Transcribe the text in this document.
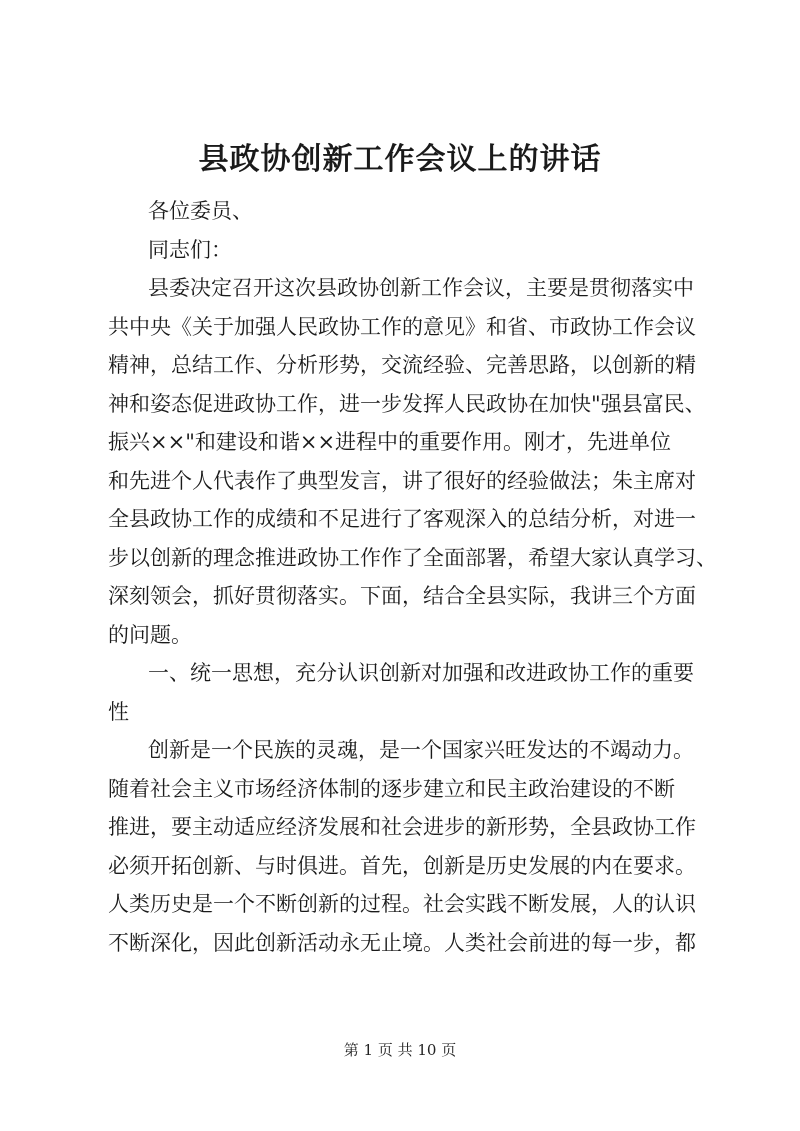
县政协创新工作会议上的讲话
各位委员、
同志们：
县委决定召开这次县政协创新工作会议，主要是贯彻落实中
共中央《关于加强人民政协工作的意见》和省、市政协工作会议
精神，总结工作、分析形势，交流经验、完善思路，以创新的精
神和姿态促进政协工作，进一步发挥人民政协在加快"强县富民、
振兴××"和建设和谐××进程中的重要作用。刚才，先进单位
和先进个人代表作了典型发言，讲了很好的经验做法；朱主席对
全县政协工作的成绩和不足进行了客观深入的总结分析，对进一
步以创新的理念推进政协工作作了全面部署，希望大家认真学习、
深刻领会，抓好贯彻落实。下面，结合全县实际，我讲三个方面
的问题。
一、统一思想，充分认识创新对加强和改进政协工作的重要
性
创新是一个民族的灵魂，是一个国家兴旺发达的不竭动力。
随着社会主义市场经济体制的逐步建立和民主政治建设的不断
推进，要主动适应经济发展和社会进步的新形势，全县政协工作
必须开拓创新、与时俱进。首先，创新是历史发展的内在要求。
人类历史是一个不断创新的过程。社会实践不断发展，人的认识
不断深化，因此创新活动永无止境。人类社会前进的每一步，都
第 1 页 共 10 页
